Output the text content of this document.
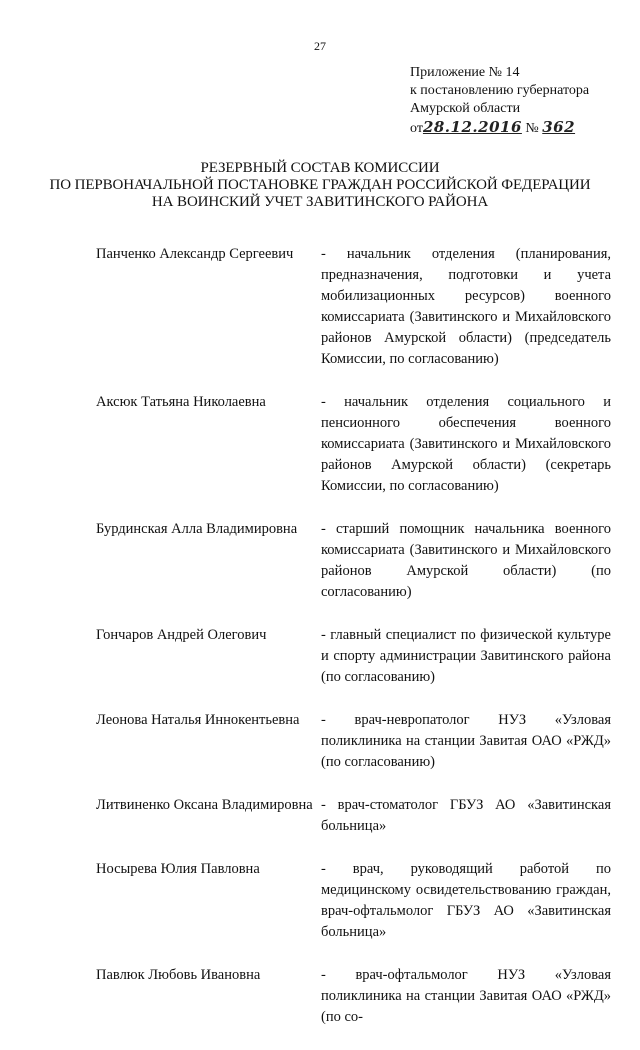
27
Приложение № 14
к постановлению губернатора
Амурской области
от28.12.2016 № 362
РЕЗЕРВНЫЙ СОСТАВ КОМИССИИ
ПО ПЕРВОНАЧАЛЬНОЙ ПОСТАНОВКЕ ГРАЖДАН РОССИЙСКОЙ ФЕДЕРАЦИИ
НА ВОИНСКИЙ УЧЕТ ЗАВИТИНСКОГО РАЙОНА
Панченко Александр Сергеевич	- начальник отделения (планирования, предназначения, подготовки и учета мобилизационных ресурсов) военного комиссариата (Завитинского и Михайловского районов Амурской области) (председатель Комиссии, по согласованию)
Аксюк Татьяна Николаевна	- начальник отделения социального и пенсионного обеспечения военного комиссариата (Завитинского и Михайловского районов Амурской области) (секретарь Комиссии, по согласованию)
Бурдинская Алла Владимировна	- старший помощник начальника военного комиссариата (Завитинского и Михайловского районов Амурской области) (по согласованию)
Гончаров Андрей Олегович	- главный специалист по физической культуре и спорту администрации Завитинского района (по согласованию)
Леонова Наталья Иннокентьевна	- врач-невропатолог НУЗ «Узловая поликлиника на станции Завитая ОАО «РЖД» (по согласованию)
Литвиненко Оксана Владимировна - врач-стоматолог ГБУЗ АО «Завитинская больница»
Носырева Юлия Павловна	- врач, руководящий работой по медицинскому освидетельствованию граждан, врач-офтальмолог ГБУЗ АО «Завитинская больница»
Павлюк Любовь Ивановна	- врач-офтальмолог НУЗ «Узловая поликлиника на станции Завитая ОАО «РЖД» (по со-
